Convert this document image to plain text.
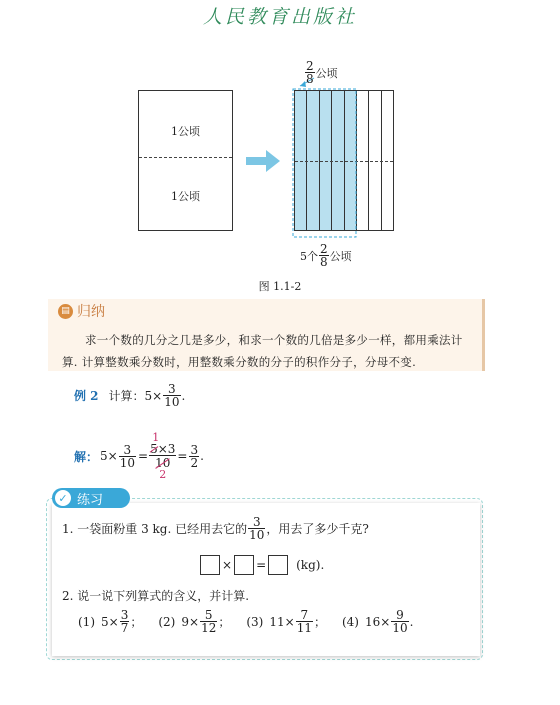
人民教育出版社
1公顷
1公顷
$\frac{2}{8}$ 公顷
5个 $\frac{2}{8}$ 公顷
图 1.1-2
▤ 归纳
求一个数的几分之几是多少，和求一个数的几倍是多少一样，都用乘法计算. 计算整数乘分数时，用整数乘分数的分子的积作分子，分母不变.
例 2 计算：$5\times \frac{3}{10}$ .
解： $5\times \frac{3}{10}$ =
1
5×3
10
2
= $\frac{3}{2}$ .
✓ 练习
1. 一袋面粉重 3 kg. 已经用去它的 $\frac{3}{10}$ ，用去了多少千克?
× =	(kg).
2. 说一说下列算式的含义，并计算.
(1) $5\times \frac{3}{7}$ ； (2) $9\times \frac{5}{12}$ ； (3) $11\times \frac{7}{11}$ ； (4) $16\times \frac{9}{10}$ .
